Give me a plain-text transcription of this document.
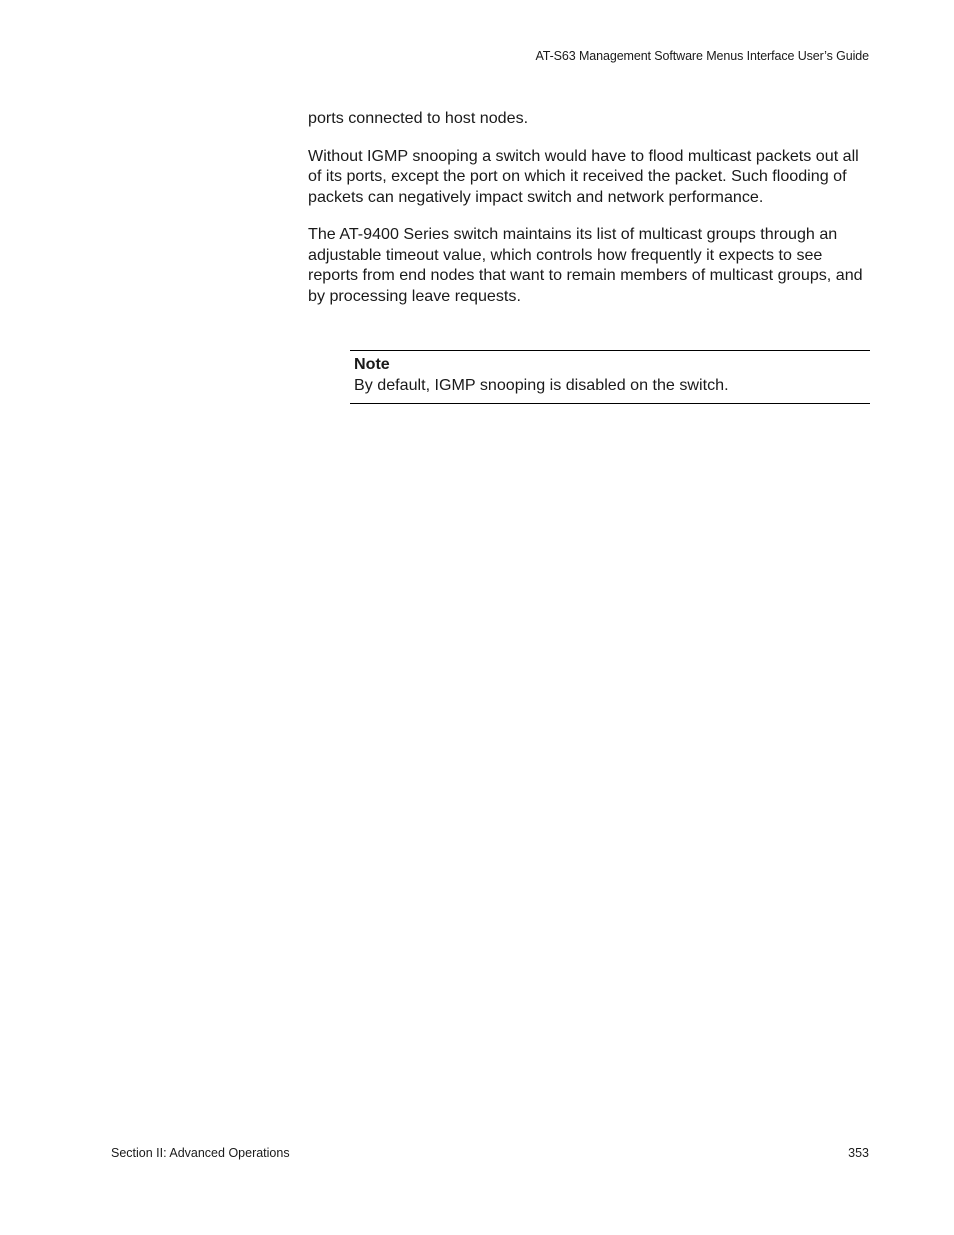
AT-S63 Management Software Menus Interface User’s Guide

ports connected to host nodes.

Without IGMP snooping a switch would have to flood multicast packets out all of its ports, except the port on which it received the packet. Such flooding of packets can negatively impact switch and network performance.

The AT-9400 Series switch maintains its list of multicast groups through an adjustable timeout value, which controls how frequently it expects to see reports from end nodes that want to remain members of multicast groups, and by processing leave requests.

Note
By default, IGMP snooping is disabled on the switch.
Section II: Advanced Operations	353
